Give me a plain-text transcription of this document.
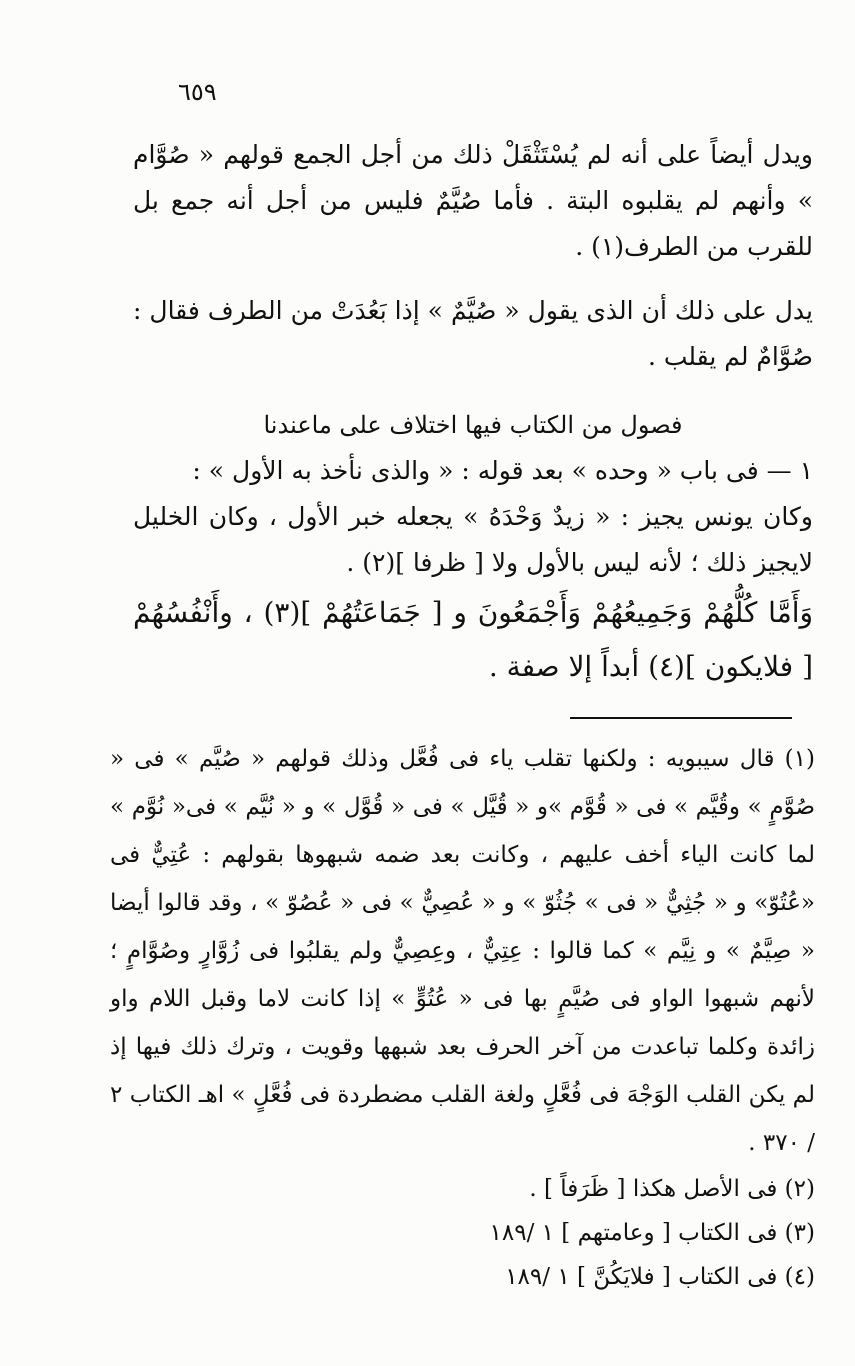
٦٥٩

ويدل أيضاً على أنه لم يُسْتَثْقَلْ ذلك من أجل الجمع قولهم « صُوَّام » وأنهم لم يقلبوه البتة . فأما صُيَّمٌ فليس من أجل أنه جمع بل للقرب من الطرف(١) .

يدل على ذلك أن الذى يقول « صُيَّمٌ » إذا بَعُدَتْ من الطرف فقال : صُوَّامٌ لم يقلب .

فصول من الكتاب فيها اختلاف على ماعندنا

١ — فى باب « وحده » بعد قوله : « والذى نأخذ به الأول » :

وكان يونس يجيز : « زيدٌ وَحْدَهُ » يجعله خبر الأول ، وكان الخليل لايجيز ذلك ؛ لأنه ليس بالأول ولا [ ظرفا ](٢) .

وَأَمَّا كُلُّهُمْ وَجَمِيعُهُمْ وَأَجْمَعُونَ و [ جَمَاعَتُهُمْ ](٣) ، وأَنْفُسُهُمْ [ فلايكون ](٤) أبداً إلا صفة .

(١) قال سيبويه : ولكنها تقلب ياء فى فُعَّل وذلك قولهم « صُيَّم » فى « صُوَّمٍ » وقُيَّم » فى « قُوَّم »و « قُيَّل » فى « قُوَّل » و « نُيَّم » فى« نُوَّم » لما كانت الياء أخف عليهم ، وكانت بعد ضمه شبهوها بقولهم : عُتِيٌّ فى «عُتُوّ» و « جُثِيٌّ « فى » جُثُوّ » و « عُصِيٌّ » فى « عُصُوّ » ، وقد قالوا أيضا « صِيَّمٌ » و نِيَّم » كما قالوا : عِتِيٌّ ، وعِصِيٌّ ولم يقلبُوا فى زُوَّارٍ وصُوَّامٍ ؛ لأنهم شبهوا الواو فى صُيَّمٍ بها فى « عُتُوٍّ » إذا كانت لاما وقبل اللام واو زائدة وكلما تباعدت من آخر الحرف بعد شبهها وقويت ، وترك ذلك فيها إذ لم يكن القلب الوَجْهَ فى فُعَّلٍ ولغة القلب مضطردة فى فُعَّلٍ » اهـ الكتاب ٢ / ٣٧٠ .

(٢) فى الأصل هكذا [ ظَرَفاً ] .

(٣) فى الكتاب [ وعامتهم ] ١ /١٨٩

(٤) فى الكتاب [ فلايَكُنَّ ] ١ /١٨٩
